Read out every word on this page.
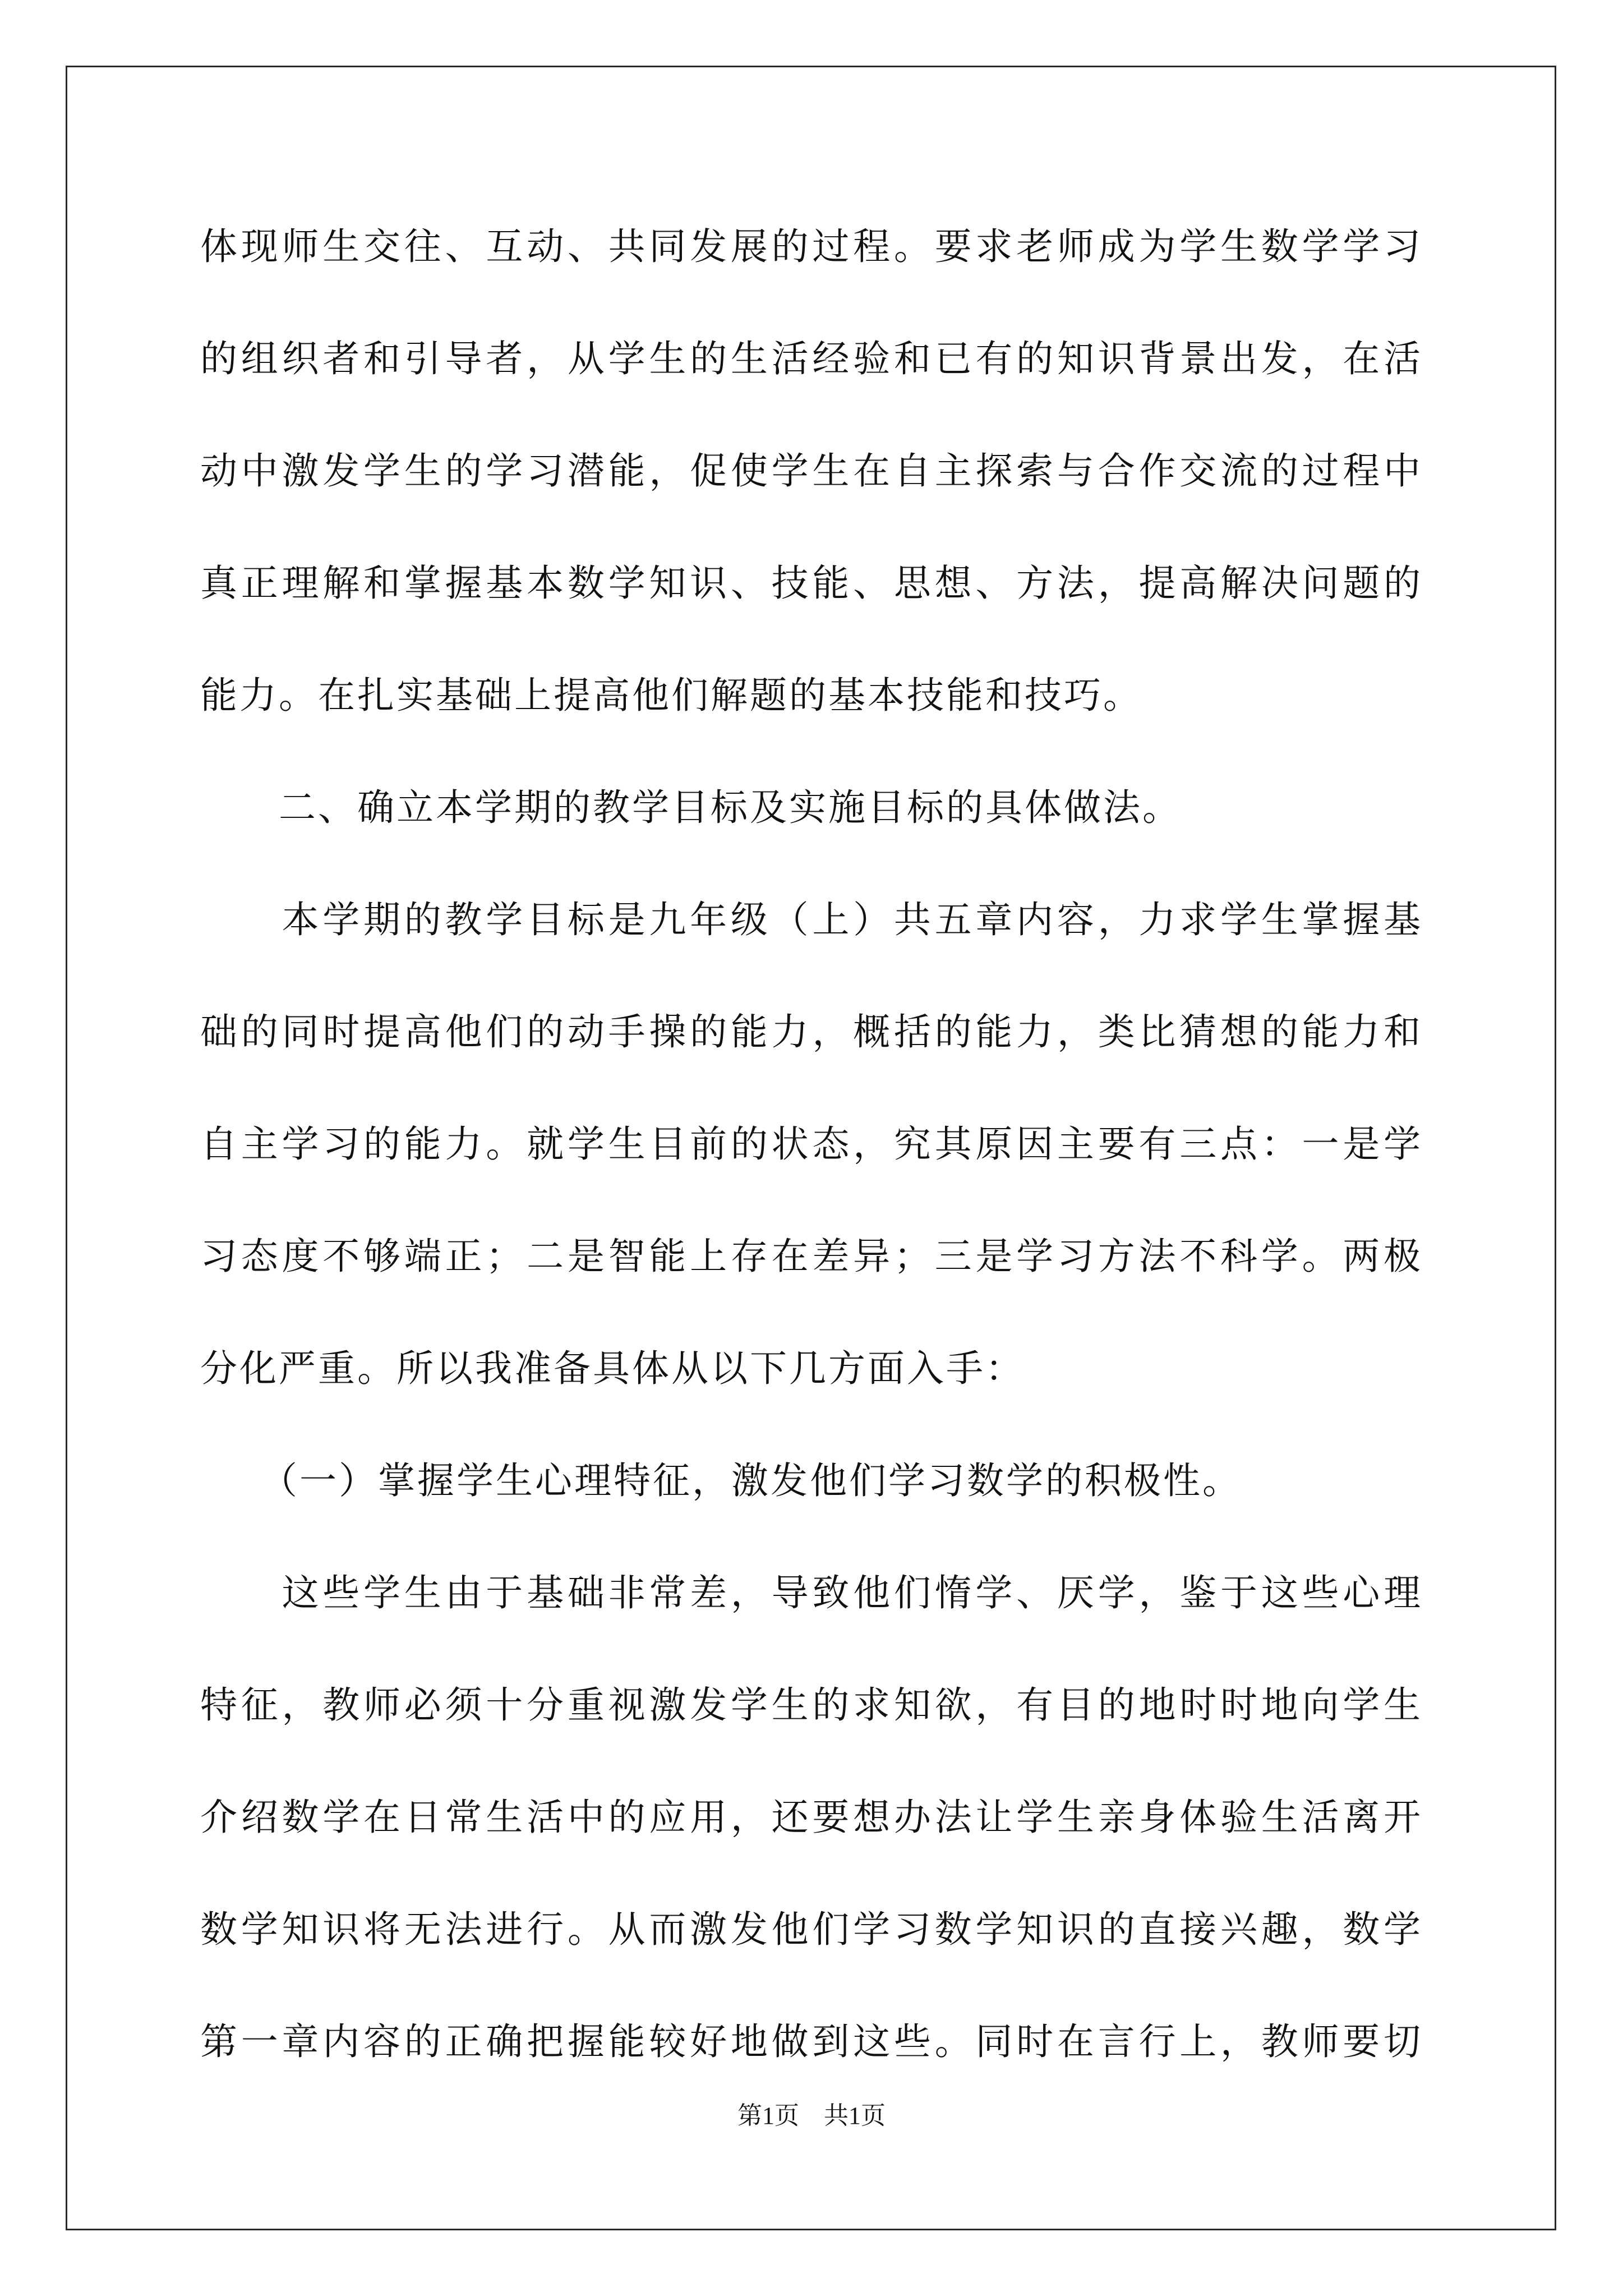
体现师生交往、互动、共同发展的过程。要求老师成为学生数学学习
的组织者和引导者，从学生的生活经验和已有的知识背景出发，在活
动中激发学生的学习潜能，促使学生在自主探索与合作交流的过程中
真正理解和掌握基本数学知识、技能、思想、方法，提高解决问题的
能力。在扎实基础上提高他们解题的基本技能和技巧。
　　二、确立本学期的教学目标及实施目标的具体做法。
　　本学期的教学目标是九年级（上）共五章内容，力求学生掌握基
础的同时提高他们的动手操的能力，概括的能力，类比猜想的能力和
自主学习的能力。就学生目前的状态，究其原因主要有三点：一是学
习态度不够端正；二是智能上存在差异；三是学习方法不科学。两极
分化严重。所以我准备具体从以下几方面入手：
　　（一）掌握学生心理特征，激发他们学习数学的积极性。
　　这些学生由于基础非常差，导致他们惰学、厌学，鉴于这些心理
特征，教师必须十分重视激发学生的求知欲，有目的地时时地向学生
介绍数学在日常生活中的应用，还要想办法让学生亲身体验生活离开
数学知识将无法进行。从而激发他们学习数学知识的直接兴趣，数学
第一章内容的正确把握能较好地做到这些。同时在言行上，教师要切
第1页　共1页
